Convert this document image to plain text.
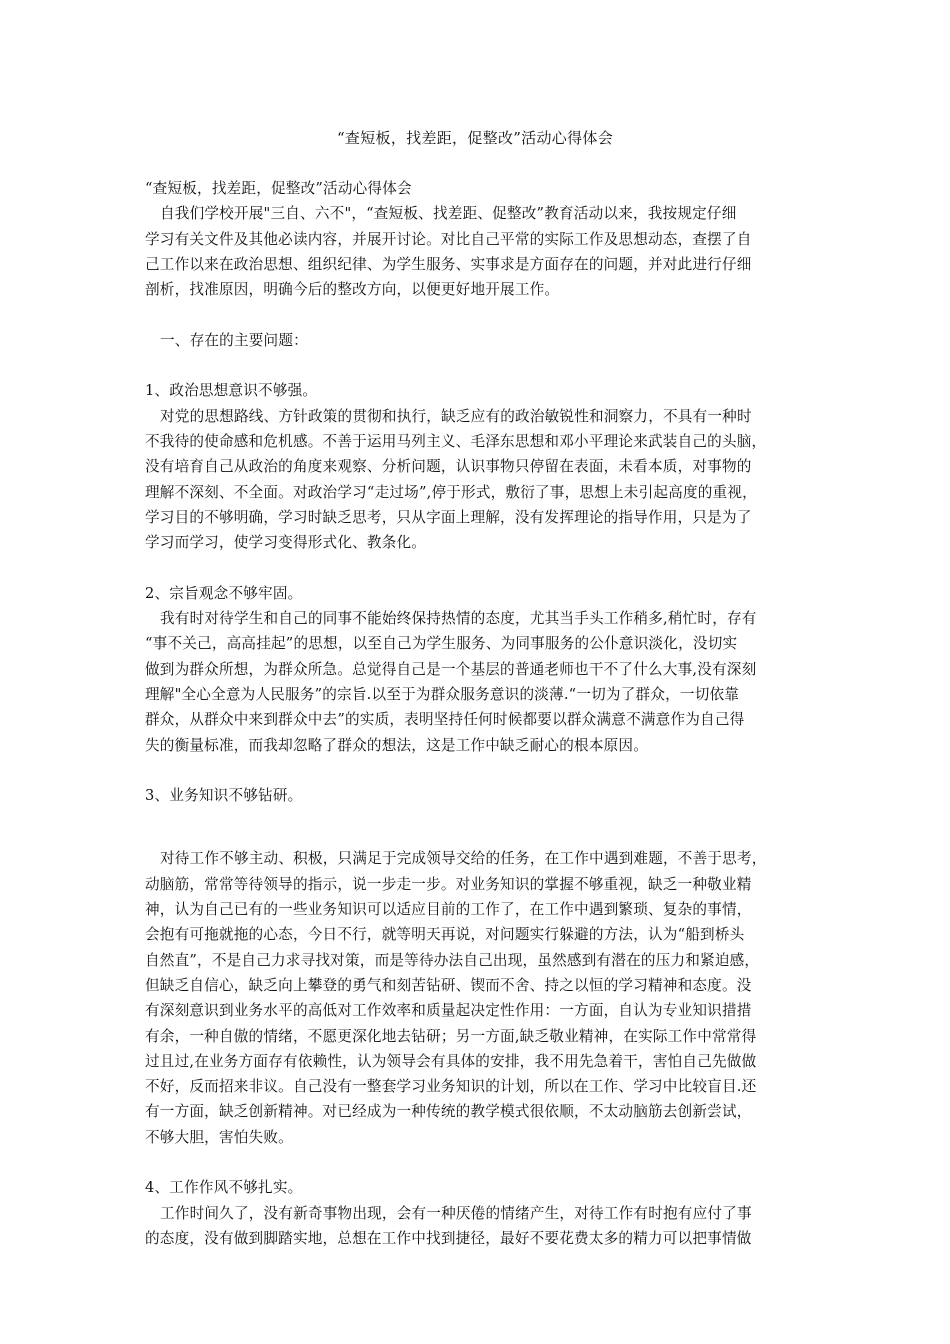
“查短板，找差距，促整改”活动心得体会
“查短板，找差距，促整改”活动心得体会
自我们学校开展"三自、六不"，“查短板、找差距、促整改”教育活动以来，我按规定仔细
学习有关文件及其他必读内容，并展开讨论。对比自己平常的实际工作及思想动态，查摆了自
己工作以来在政治思想、组织纪律、为学生服务、实事求是方面存在的问题，并对此进行仔细
剖析，找准原因，明确今后的整改方向，以便更好地开展工作。
一、存在的主要问题：
1、政治思想意识不够强。
对党的思想路线、方针政策的贯彻和执行，缺乏应有的政治敏锐性和洞察力，不具有一种时
不我待的使命感和危机感。不善于运用马列主义、毛泽东思想和邓小平理论来武装自己的头脑，
没有培育自己从政治的角度来观察、分析问题，认识事物只停留在表面，未看本质，对事物的
理解不深刻、不全面。对政治学习“走过场”,停于形式，敷衍了事，思想上未引起高度的重视，
学习目的不够明确，学习时缺乏思考，只从字面上理解，没有发挥理论的指导作用，只是为了
学习而学习，使学习变得形式化、教条化。
2、宗旨观念不够牢固。
我有时对待学生和自己的同事不能始终保持热情的态度，尤其当手头工作稍多,稍忙时，存有
“事不关己，高高挂起”的思想，以至自己为学生服务、为同事服务的公仆意识淡化，没切实
做到为群众所想，为群众所急。总觉得自己是一个基层的普通老师也干不了什么大事,没有深刻
理解"全心全意为人民服务”的宗旨.以至于为群众服务意识的淡薄.“一切为了群众，一切依靠
群众，从群众中来到群众中去”的实质，表明坚持任何时候都要以群众满意不满意作为自己得
失的衡量标准，而我却忽略了群众的想法，这是工作中缺乏耐心的根本原因。
3、业务知识不够钻研。
对待工作不够主动、积极，只满足于完成领导交给的任务，在工作中遇到难题，不善于思考，
动脑筋，常常等待领导的指示，说一步走一步。对业务知识的掌握不够重视，缺乏一种敬业精
神，认为自己已有的一些业务知识可以适应目前的工作了，在工作中遇到繁琐、复杂的事情，
会抱有可拖就拖的心态，今日不行，就等明天再说，对问题实行躲避的方法，认为“船到桥头
自然直”，不是自己力求寻找对策，而是等待办法自己出现，虽然感到有潜在的压力和紧迫感，
但缺乏自信心，缺乏向上攀登的勇气和刻苦钻研、锲而不舍、持之以恒的学习精神和态度。没
有深刻意识到业务水平的高低对工作效率和质量起决定性作用：一方面，自认为专业知识措措
有余，一种自傲的情绪，不愿更深化地去钻研；另一方面,缺乏敬业精神，在实际工作中常常得
过且过,在业务方面存有依赖性，认为领导会有具体的安排，我不用先急着干，害怕自己先做做
不好，反而招来非议。自己没有一整套学习业务知识的计划，所以在工作、学习中比较盲目.还
有一方面，缺乏创新精神。对已经成为一种传统的教学模式很依顺，不太动脑筋去创新尝试，
不够大胆，害怕失败。
4、工作作风不够扎实。
工作时间久了，没有新奇事物出现，会有一种厌倦的情绪产生，对待工作有时抱有应付了事
的态度，没有做到脚踏实地，总想在工作中找到捷径，最好不要花费太多的精力可以把事情做
